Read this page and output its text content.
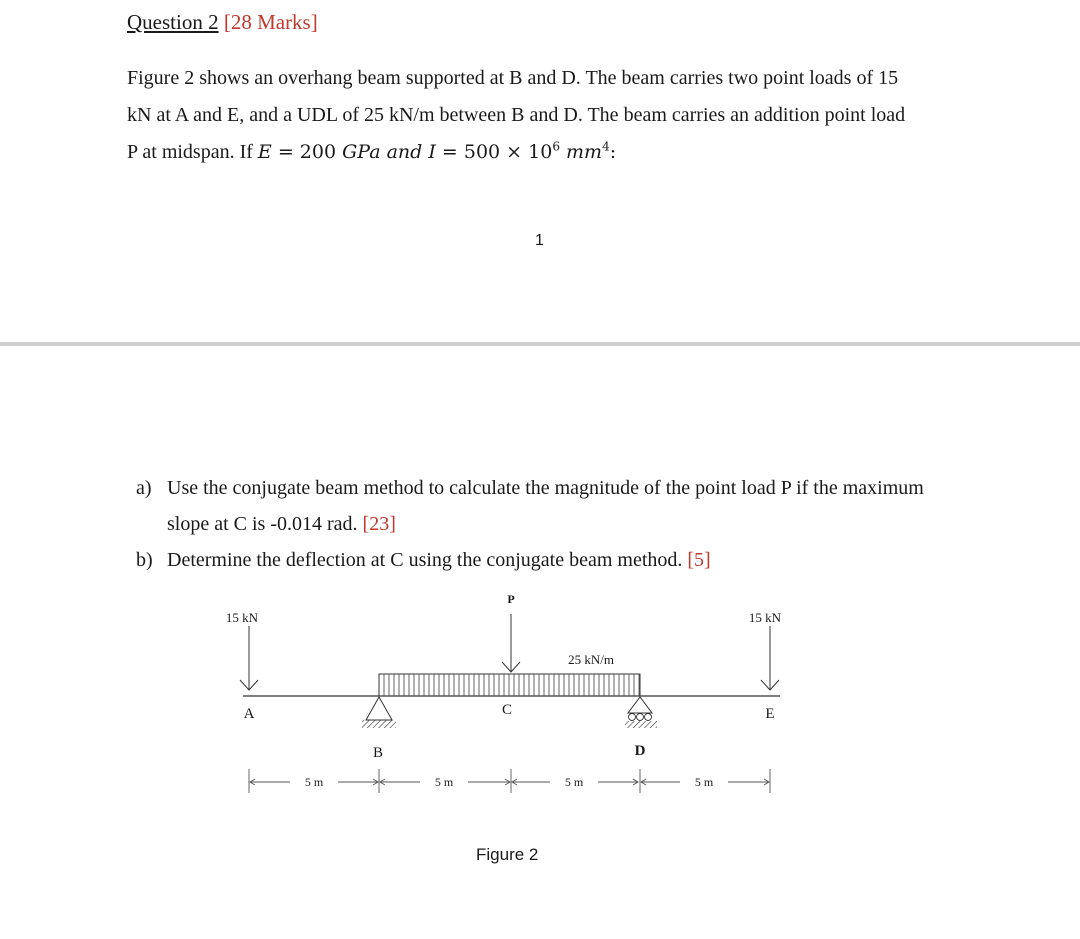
Question 2 [28 Marks]
Figure 2 shows an overhang beam supported at B and D. The beam carries two point loads of 15
kN at A and E, and a UDL of 25 kN/m between B and D. The beam carries an addition point load
P at midspan. If E = 200 GPa and $I = 500 \times 10^6$ $mm^4$:
1
a) Use the conjugate beam method to calculate the magnitude of the point load P if the maximum
slope at C is -0.014 rad. [23]
b) Determine the deflection at C using the conjugate beam method. [5]
15 kN	15 kN
P
25 kN/m
A
B
C
D
E
5 m	5 m	5 m	5 m
Figure 2
